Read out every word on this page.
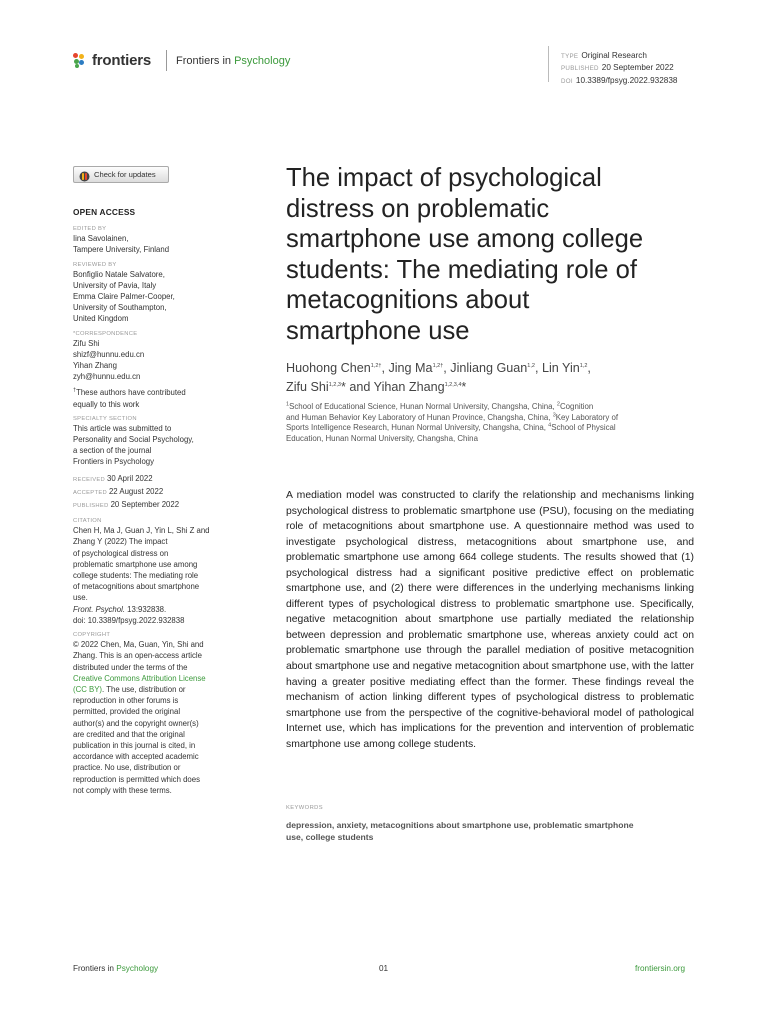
frontiers Frontiers in Psychology	TYPE Original Research
PUBLISHED 20 September 2022
DOI 10.3389/fpsyg.2022.932838
Check for updates
OPEN ACCESS
EDITED BY
Iina Savolainen,
Tampere University, Finland
REVIEWED BY
Bonfiglio Natale Salvatore,
University of Pavia, Italy
Emma Claire Palmer-Cooper,
University of Southampton,
United Kingdom
*CORRESPONDENCE
Zifu Shi
shizf@hunnu.edu.cn
Yihan Zhang
zyh@hunnu.edu.cn
†These authors have contributed
equally to this work
SPECIALTY SECTION
This article was submitted to
Personality and Social Psychology,
a section of the journal
Frontiers in Psychology
RECEIVED 30 April 2022
ACCEPTED 22 August 2022
PUBLISHED 20 September 2022
CITATION
Chen H, Ma J, Guan J, Yin L, Shi Z and
Zhang Y (2022) The impact
of psychological distress on
problematic smartphone use among
college students: The mediating role
of metacognitions about smartphone
use.
Front. Psychol. 13:932838.
doi: 10.3389/fpsyg.2022.932838
COPYRIGHT
© 2022 Chen, Ma, Guan, Yin, Shi and
Zhang. This is an open-access article
distributed under the terms of the
Creative Commons Attribution License
(CC BY). The use, distribution or
reproduction in other forums is
permitted, provided the original
author(s) and the copyright owner(s)
are credited and that the original
publication in this journal is cited, in
accordance with accepted academic
practice. No use, distribution or
reproduction is permitted which does
not comply with these terms.
The impact of psychological
distress on problematic
smartphone use among college
students: The mediating role of
metacognitions about
smartphone use
Huohong Chen$^{1,2\dagger}$, Jing $Ma^{1,2\dagger}$, Jinliang Guan$^{1,2}$, Lin Yin$^{1,2}$,
Zifu Shi$^{1,2,3}$* and Yihan Zhang$^{1,2,3,4}$*
$^1$School of Educational Science, Hunan Normal University, Changsha, China, $^2$Cognition
and Human Behavior Key Laboratory of Hunan Province, Changsha, China, $^3$Key Laboratory of
Sports Intelligence Research, Hunan Normal University, Changsha, China, $^4$School of Physical
Education, Hunan Normal University, Changsha, China
A mediation model was constructed to clarify the relationship and mechanisms linking psychological distress to problematic smartphone use (PSU), focusing on the mediating role of metacognitions about smartphone use. A questionnaire method was used to investigate psychological distress, metacognitions about smartphone use, and problematic smartphone use among 664 college students. The results showed that (1) psychological distress had a significant positive predictive effect on problematic smartphone use, and (2) there were differences in the underlying mechanisms linking different types of psychological distress to problematic smartphone use. Specifically, negative metacognition about smartphone use partially mediated the relationship between depression and problematic smartphone use, whereas anxiety could act on problematic smartphone use through the parallel mediation of positive metacognition about smartphone use and negative metacognition about smartphone use, with the latter having a greater positive mediating effect than the former. These findings reveal the mechanism of action linking different types of psychological distress to problematic smartphone use from the perspective of the cognitive-behavioral model of pathological Internet use, which has implications for the prevention and intervention of problematic smartphone use among college students.
KEYWORDS
depression, anxiety, metacognitions about smartphone use, problematic smartphone
use, college students
Frontiers in Psychology	01	frontiersin.org
